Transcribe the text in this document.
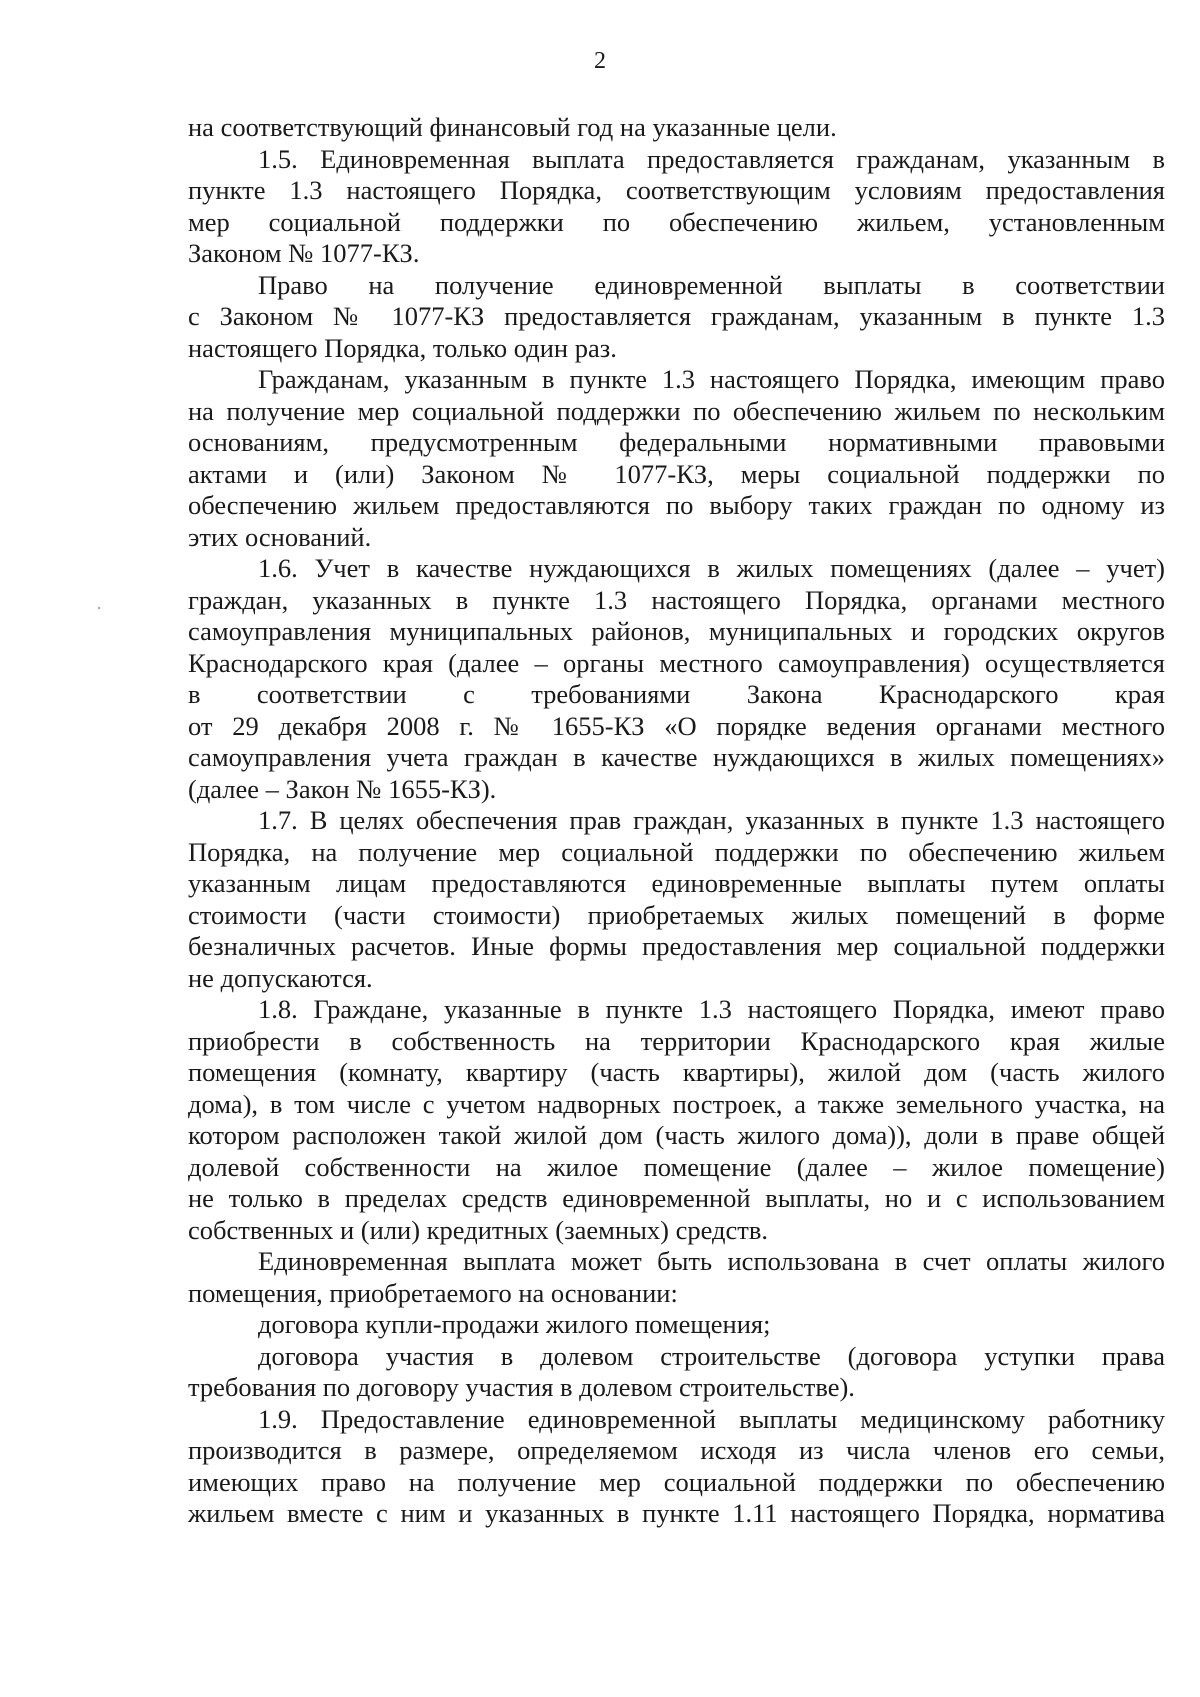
2
на соответствующий финансовый год на указанные цели.
1.5. Единовременная выплата предоставляется гражданам, указанным в
пункте 1.3 настоящего Порядка, соответствующим условиям предоставления
мер социальной поддержки по обеспечению жильем, установленным
Законом № 1077-КЗ.
Право на получение единовременной выплаты в соответствии
с Законом № 1077-КЗ предоставляется гражданам, указанным в пункте 1.3
настоящего Порядка, только один раз.
Гражданам, указанным в пункте 1.3 настоящего Порядка, имеющим право
на получение мер социальной поддержки по обеспечению жильем по нескольким
основаниям, предусмотренным федеральными нормативными правовыми
актами и (или) Законом № 1077-КЗ, меры социальной поддержки по
обеспечению жильем предоставляются по выбору таких граждан по одному из
этих оснований.
1.6. Учет в качестве нуждающихся в жилых помещениях (далее – учет)
граждан, указанных в пункте 1.3 настоящего Порядка, органами местного
самоуправления муниципальных районов, муниципальных и городских округов
Краснодарского края (далее – органы местного самоуправления) осуществляется
в соответствии с требованиями Закона Краснодарского края
от 29 декабря 2008 г. № 1655-КЗ «О порядке ведения органами местного
самоуправления учета граждан в качестве нуждающихся в жилых помещениях»
(далее – Закон № 1655-КЗ).
1.7. В целях обеспечения прав граждан, указанных в пункте 1.3 настоящего
Порядка, на получение мер социальной поддержки по обеспечению жильем
указанным лицам предоставляются единовременные выплаты путем оплаты
стоимости (части стоимости) приобретаемых жилых помещений в форме
безналичных расчетов. Иные формы предоставления мер социальной поддержки
не допускаются.
1.8. Граждане, указанные в пункте 1.3 настоящего Порядка, имеют право
приобрести в собственность на территории Краснодарского края жилые
помещения (комнату, квартиру (часть квартиры), жилой дом (часть жилого
дома), в том числе с учетом надворных построек, а также земельного участка, на
котором расположен такой жилой дом (часть жилого дома)), доли в праве общей
долевой собственности на жилое помещение (далее – жилое помещение)
не только в пределах средств единовременной выплаты, но и с использованием
собственных и (или) кредитных (заемных) средств.
Единовременная выплата может быть использована в счет оплаты жилого
помещения, приобретаемого на основании:
договора купли-продажи жилого помещения;
договора участия в долевом строительстве (договора уступки права
требования по договору участия в долевом строительстве).
1.9. Предоставление единовременной выплаты медицинскому работнику
производится в размере, определяемом исходя из числа членов его семьи,
имеющих право на получение мер социальной поддержки по обеспечению
жильем вместе с ним и указанных в пункте 1.11 настоящего Порядка, норматива
